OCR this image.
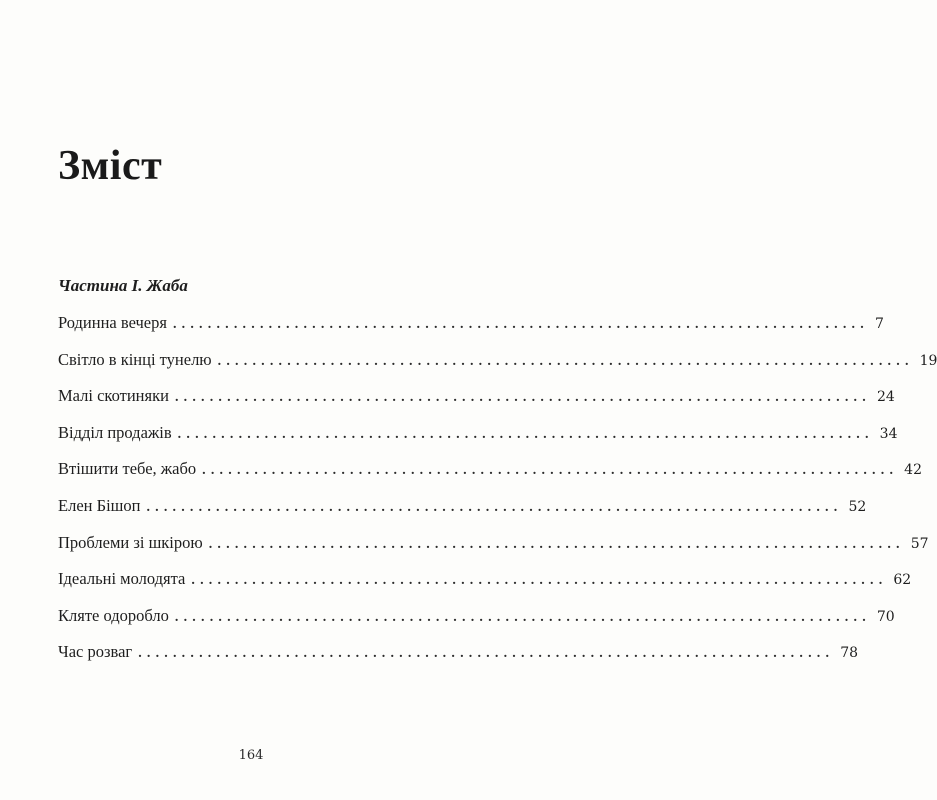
Зміст
Частина І. Жаба
Родинна вечеря ................................................................................ 7
Світло в кінці тунелю ................................................................................ 19
Малі скотиняки ................................................................................ 24
Відділ продажів ................................................................................ 34
Втішити тебе, жабо ................................................................................ 42
Елен Бішоп ................................................................................ 52
Проблеми зі шкірою ................................................................................ 57
Ідеальні молодята ................................................................................ 62
Кляте одоробло ................................................................................ 70
Час розваг ................................................................................ 78
164
